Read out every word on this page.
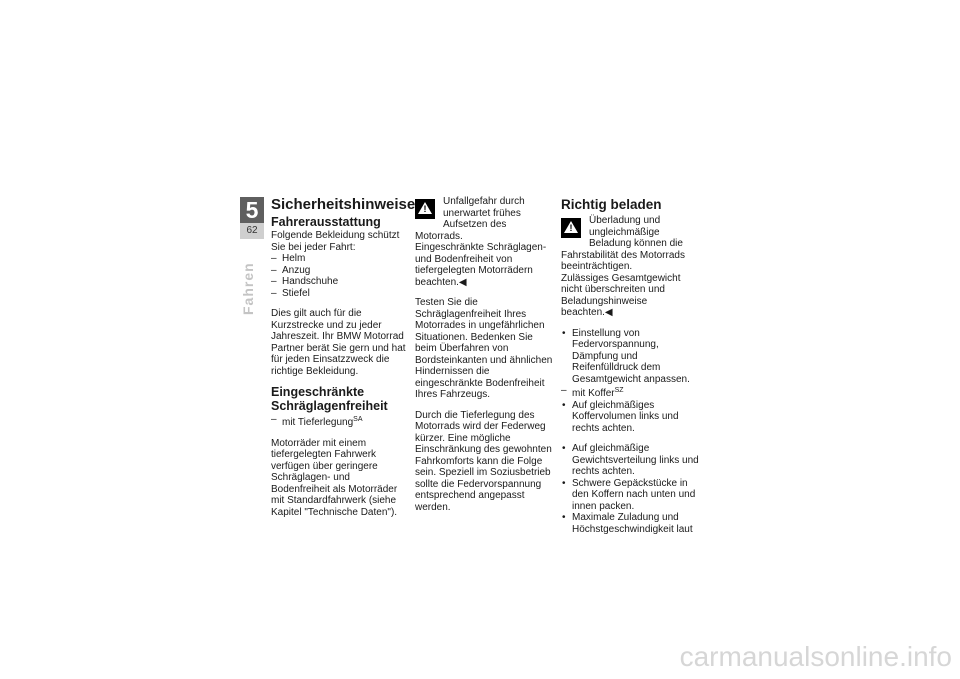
5
62
Fahren
Sicherheitshinweise
Fahrerausstattung

Folgende Bekleidung schützt Sie bei jeder Fahrt:

– Helm
– Anzug
– Handschuhe
– Stiefel

Dies gilt auch für die Kurzstrecke und zu jeder Jahreszeit. Ihr BMW Motorrad Partner berät Sie gern und hat für jeden Einsatzzweck die richtige Bekleidung.

Eingeschränkte Schräglagenfreiheit
– mit Tieferlegung$^{SA}$

Motorräder mit einem tiefergelegten Fahrwerk verfügen über geringere Schräglagen- und Bodenfreiheit als Motorräder mit Standardfahrwerk (siehe Kapitel "Technische Daten").

!

Unfallgefahr durch unerwartet frühes Aufsetzen des Motorrads.

Eingeschränkte Schräglagen- und Bodenfreiheit von tiefergelegten Motorrädern beachten.◀

Testen Sie die Schräglagenfreiheit Ihres Motorrades in ungefährlichen Situationen. Bedenken Sie beim Überfahren von Bordsteinkanten und ähnlichen Hindernissen die eingeschränkte Bodenfreiheit Ihres Fahrzeugs.

Durch die Tieferlegung des Motorrads wird der Federweg kürzer. Eine mögliche Einschränkung des gewohnten Fahrkomforts kann die Folge sein. Speziell im Soziusbetrieb sollte die Federvorspannung entsprechend angepasst werden.

Richtig beladen
!

Überladung und ungleichmäßige Beladung können die Fahrstabilität des Motorrads beeinträchtigen.

Zulässiges Gesamtgewicht nicht überschreiten und Beladungshinweise beachten.◀

• Einstellung von Federvorspannung, Dämpfung und Reifenfülldruck dem Gesamtgewicht anpassen.
– mit Koffer$^{SZ}$
• Auf gleichmäßiges Koffervolumen links und rechts achten.
• Auf gleichmäßige Gewichtsverteilung links und rechts achten.
• Schwere Gepäckstücke in den Koffern nach unten und innen packen.
• Maximale Zuladung und Höchstgeschwindigkeit laut
carmanualsonline.info
